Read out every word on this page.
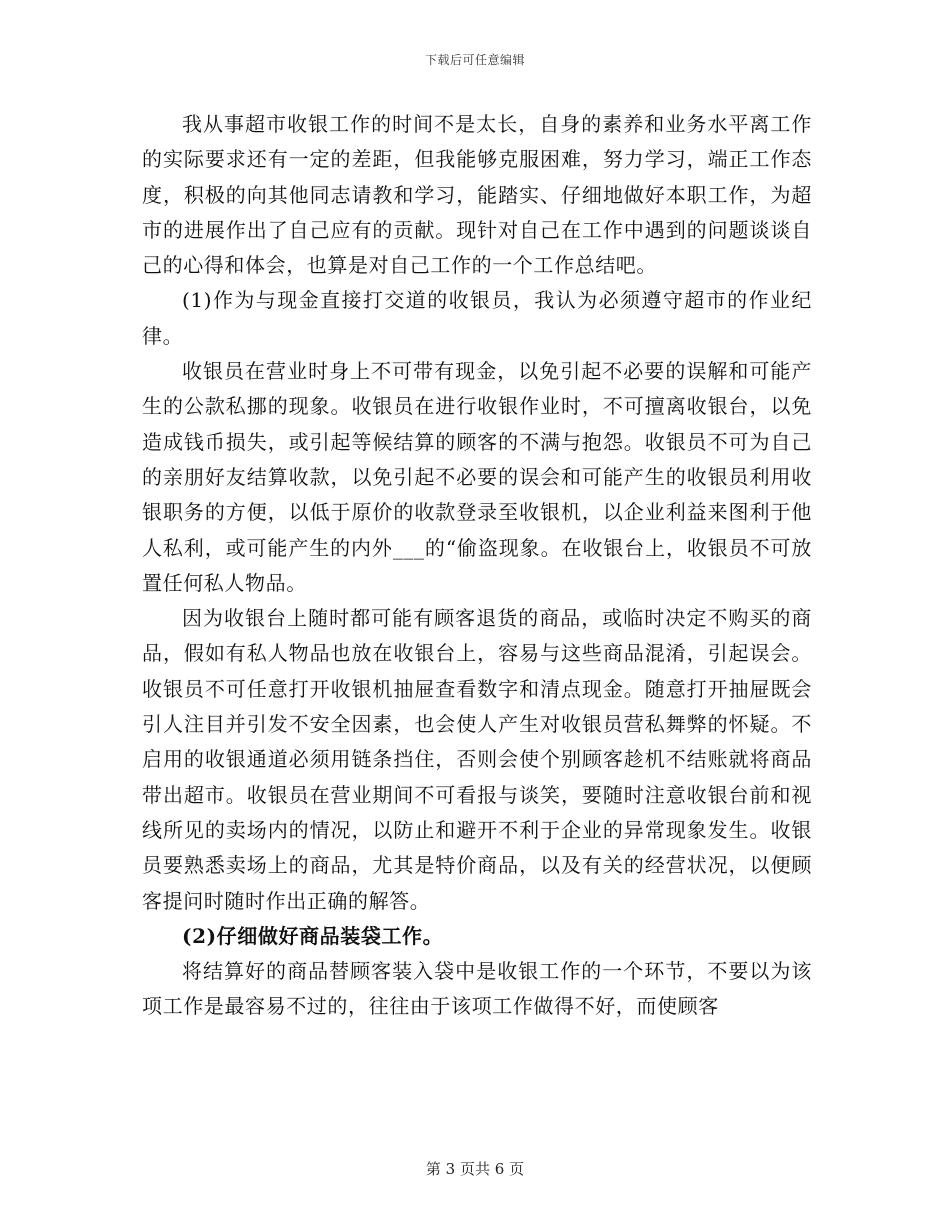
下载后可任意编辑

我从事超市收银工作的时间不是太长，自身的素养和业务水平离工作的实际要求还有一定的差距，但我能够克服困难，努力学习，端正工作态度，积极的向其他同志请教和学习，能踏实、仔细地做好本职工作，为超市的进展作出了自己应有的贡献。现针对自己在工作中遇到的问题谈谈自己的心得和体会，也算是对自己工作的一个工作总结吧。

(1)作为与现金直接打交道的收银员，我认为必须遵守超市的作业纪律。

收银员在营业时身上不可带有现金，以免引起不必要的误解和可能产生的公款私挪的现象。收银员在进行收银作业时，不可擅离收银台，以免造成钱币损失，或引起等候结算的顾客的不满与抱怨。收银员不可为自己的亲朋好友结算收款，以免引起不必要的误会和可能产生的收银员利用收银职务的方便，以低于原价的收款登录至收银机，以企业利益来图利于他人私利，或可能产生的内外___的“偷盗现象。在收银台上，收银员不可放置任何私人物品。

因为收银台上随时都可能有顾客退货的商品，或临时决定不购买的商品，假如有私人物品也放在收银台上，容易与这些商品混淆，引起误会。收银员不可任意打开收银机抽屉查看数字和清点现金。随意打开抽屉既会引人注目并引发不安全因素，也会使人产生对收银员营私舞弊的怀疑。不启用的收银通道必须用链条挡住，否则会使个别顾客趁机不结账就将商品带出超市。收银员在营业期间不可看报与谈笑，要随时注意收银台前和视线所见的卖场内的情况，以防止和避开不利于企业的异常现象发生。收银员要熟悉卖场上的商品，尤其是特价商品，以及有关的经营状况，以便顾客提问时随时作出正确的解答。

(2)仔细做好商品装袋工作。

将结算好的商品替顾客装入袋中是收银工作的一个环节，不要以为该项工作是最容易不过的，往往由于该项工作做得不好，而使顾客

第 3 页共 6 页
